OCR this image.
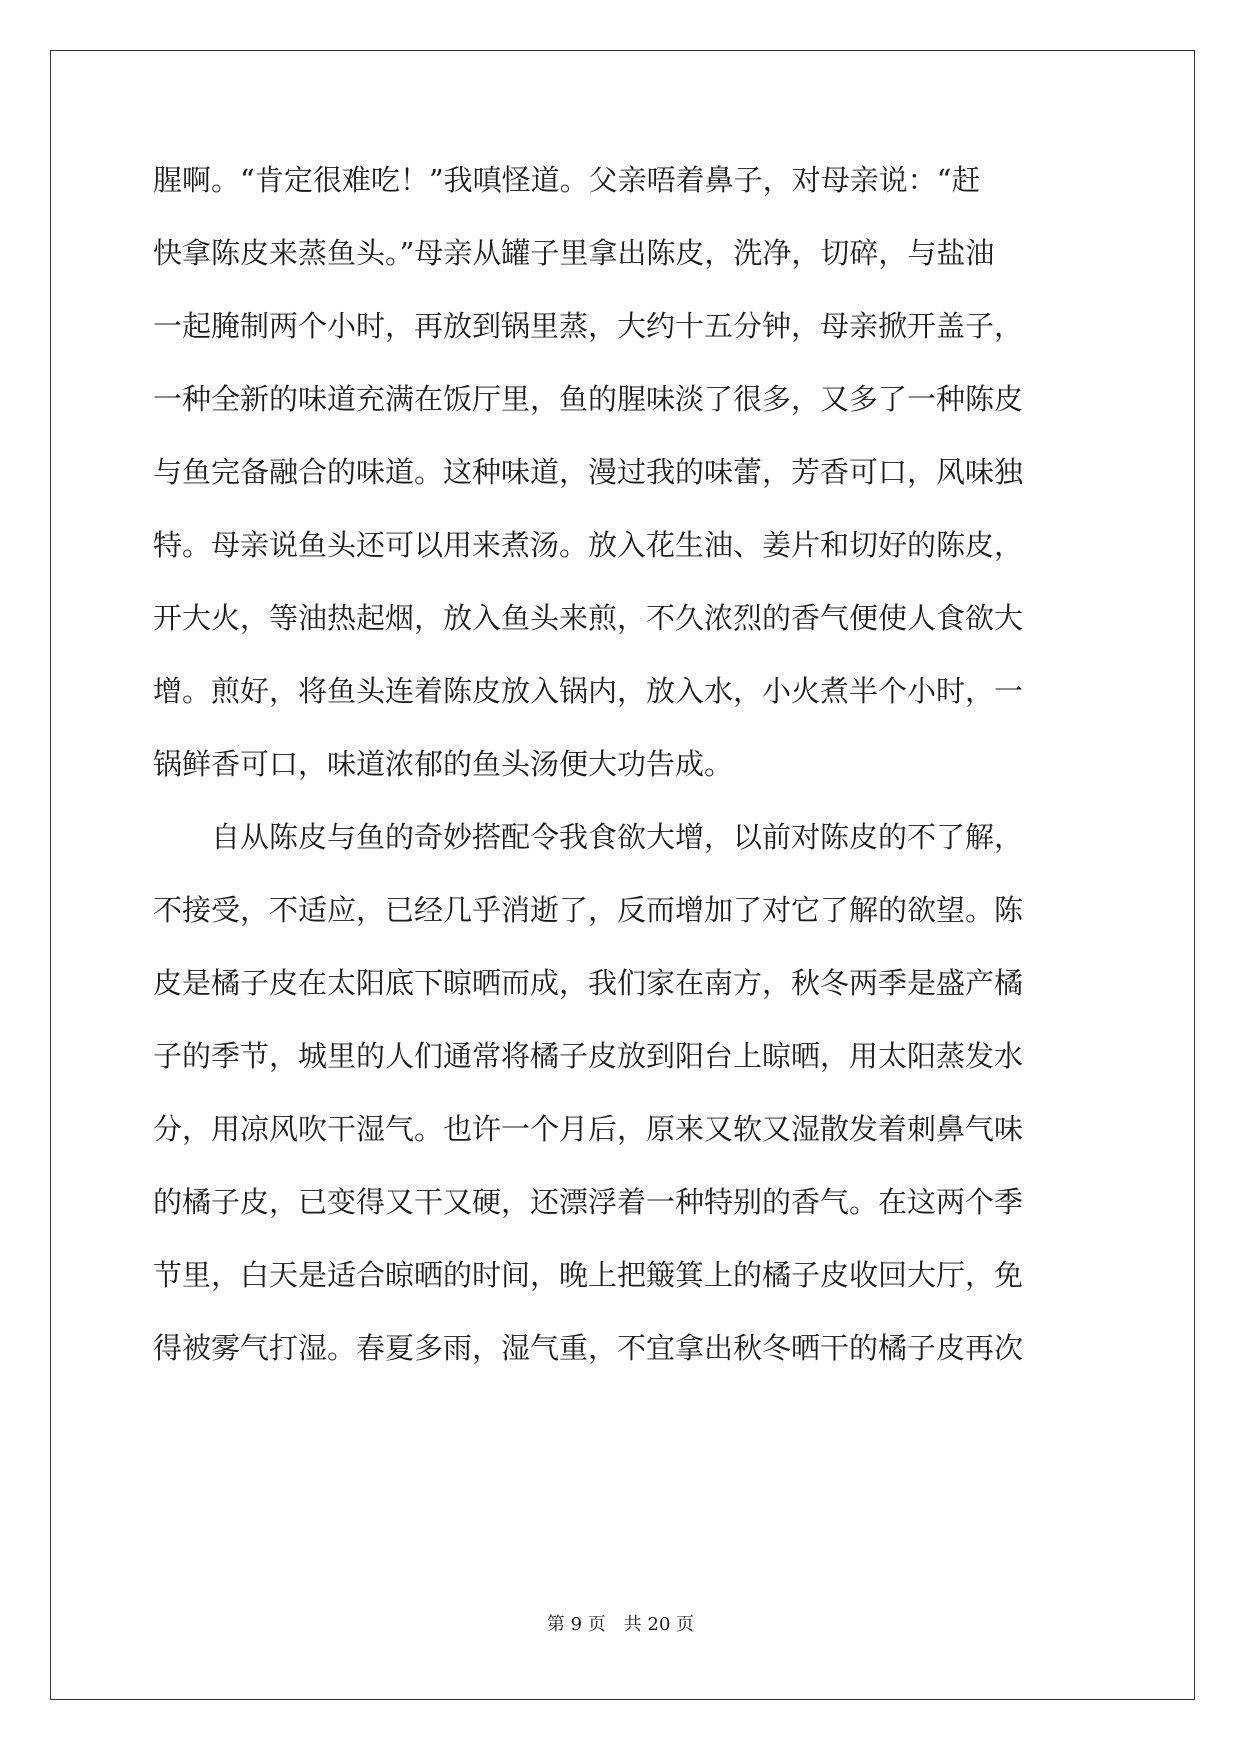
腥啊。“肯定很难吃！”我嗔怪道。父亲唔着鼻子，对母亲说：“赶
快拿陈皮来蒸鱼头。”母亲从罐子里拿出陈皮，洗净，切碎，与盐油
一起腌制两个小时，再放到锅里蒸，大约十五分钟，母亲掀开盖子，
一种全新的味道充满在饭厅里，鱼的腥味淡了很多，又多了一种陈皮
与鱼完备融合的味道。这种味道，漫过我的味蕾，芳香可口，风味独
特。母亲说鱼头还可以用来煮汤。放入花生油、姜片和切好的陈皮，
开大火，等油热起烟，放入鱼头来煎，不久浓烈的香气便使人食欲大
增。煎好，将鱼头连着陈皮放入锅内，放入水，小火煮半个小时，一
锅鲜香可口，味道浓郁的鱼头汤便大功告成。
　　自从陈皮与鱼的奇妙搭配令我食欲大增，以前对陈皮的不了解，
不接受，不适应，已经几乎消逝了，反而增加了对它了解的欲望。陈
皮是橘子皮在太阳底下晾晒而成，我们家在南方，秋冬两季是盛产橘
子的季节，城里的人们通常将橘子皮放到阳台上晾晒，用太阳蒸发水
分，用凉风吹干湿气。也许一个月后，原来又软又湿散发着刺鼻气味
的橘子皮，已变得又干又硬，还漂浮着一种特别的香气。在这两个季
节里，白天是适合晾晒的时间，晚上把簸箕上的橘子皮收回大厅，免
得被雾气打湿。春夏多雨，湿气重，不宜拿出秋冬晒干的橘子皮再次
第 9 页 共 20 页
